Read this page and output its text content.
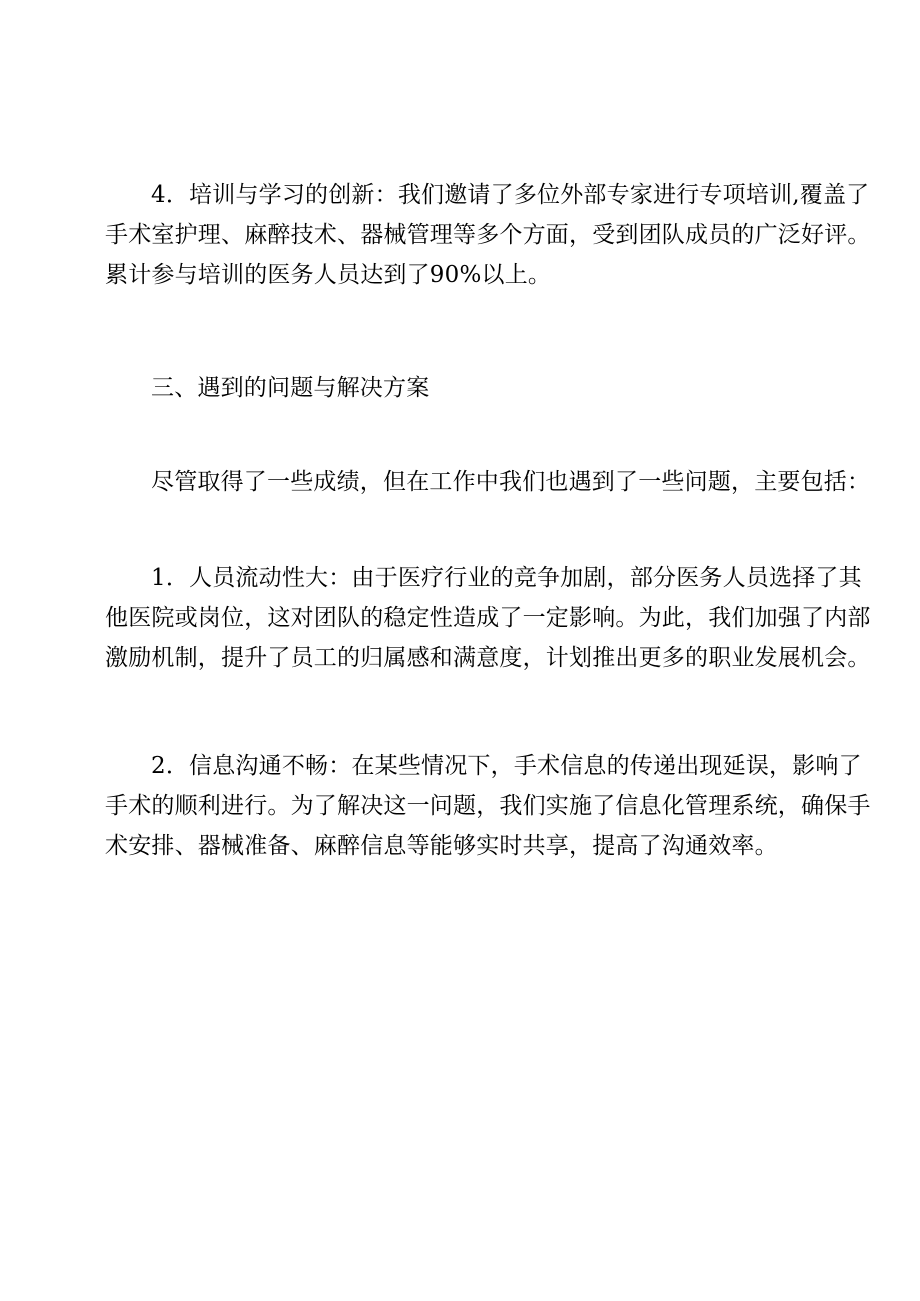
4．培训与学习的创新：我们邀请了多位外部专家进行专项培训,覆盖了
手术室护理、麻醉技术、器械管理等多个方面，受到团队成员的广泛好评。
累计参与培训的医务人员达到了90%以上。

三、遇到的问题与解决方案

尽管取得了一些成绩，但在工作中我们也遇到了一些问题，主要包括：

1．人员流动性大：由于医疗行业的竞争加剧，部分医务人员选择了其
他医院或岗位，这对团队的稳定性造成了一定影响。为此，我们加强了内部
激励机制，提升了员工的归属感和满意度，计划推出更多的职业发展机会。

2．信息沟通不畅：在某些情况下，手术信息的传递出现延误，影响了
手术的顺利进行。为了解决这一问题，我们实施了信息化管理系统，确保手
术安排、器械准备、麻醉信息等能够实时共享，提高了沟通效率。
